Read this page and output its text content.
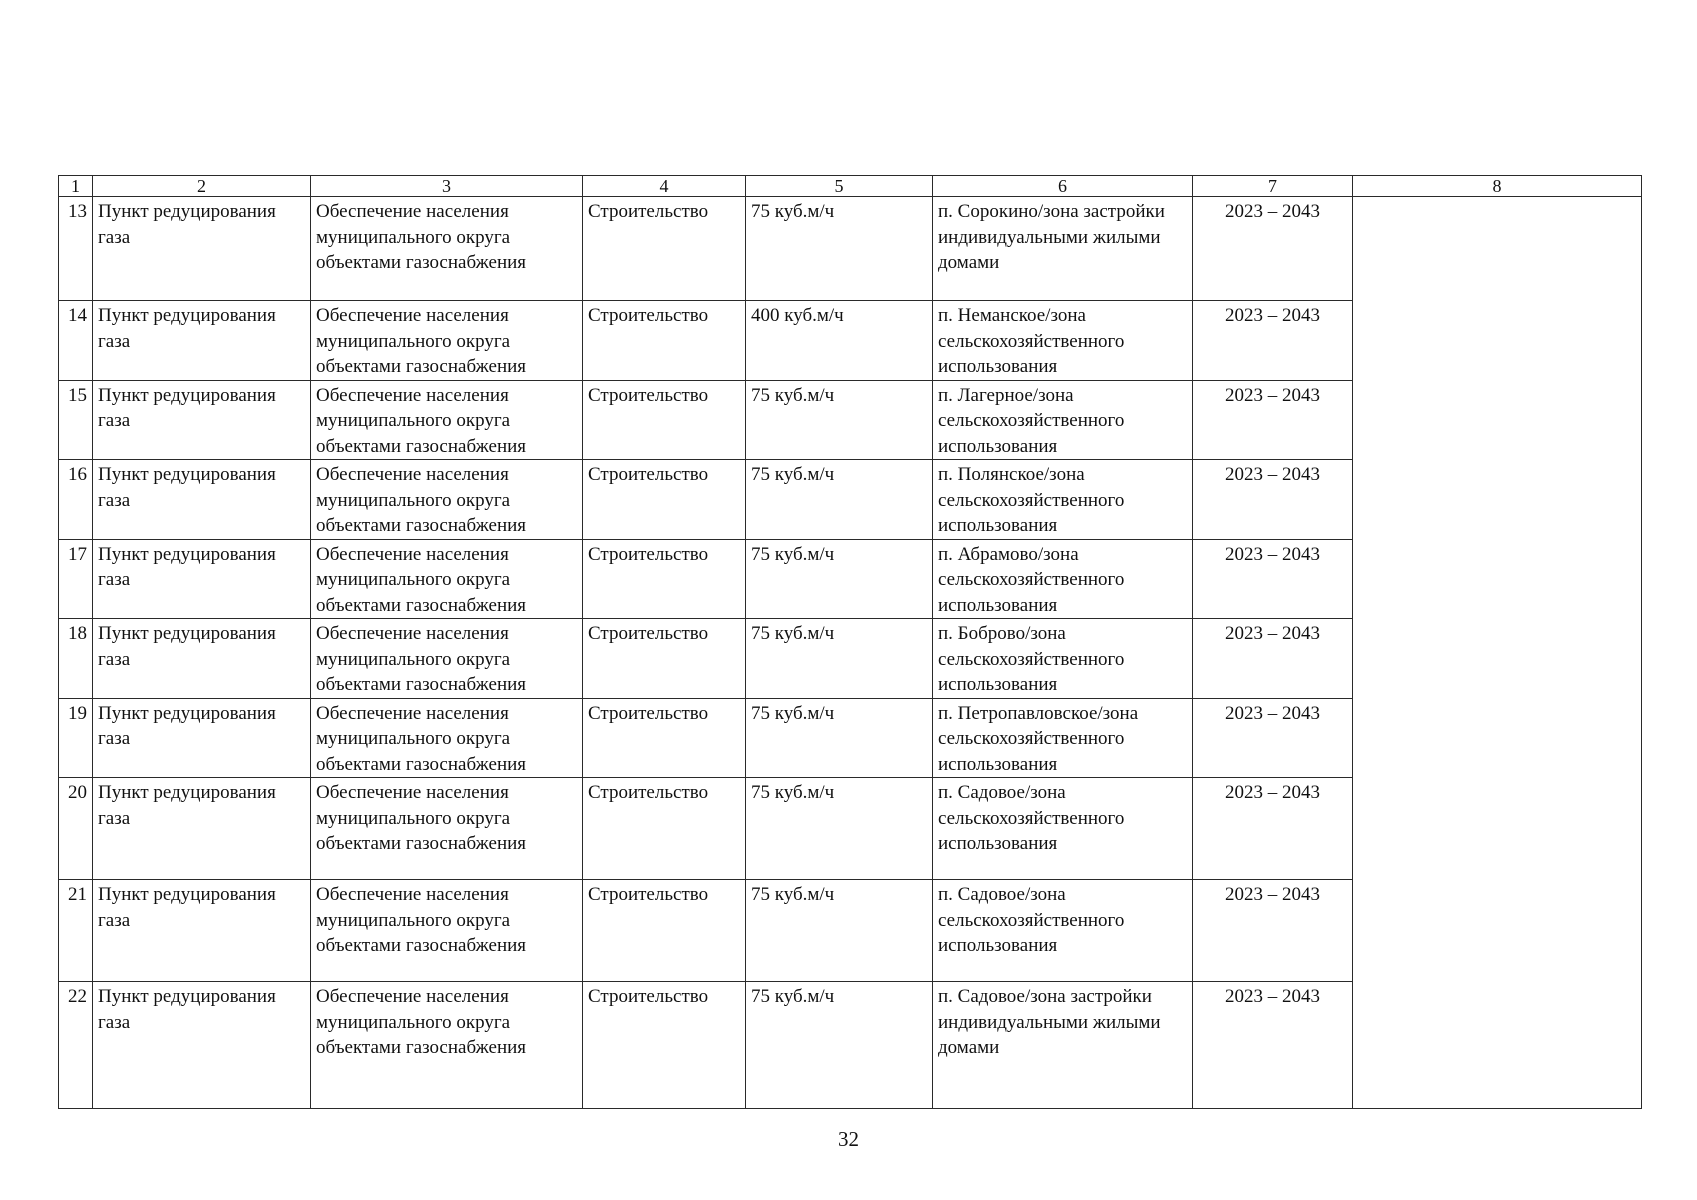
1	2	3	4	5	6	7	8
13	Пункт редуцирования газа	Обеспечение населения муниципального округа объектами газоснабжения	Строительство	75 куб.м/ч	п. Сорокино/зона застройки индивидуальными жилыми домами	2023 – 2043	
14	Пункт редуцирования газа	Обеспечение населения муниципального округа объектами газоснабжения	Строительство	400 куб.м/ч	п. Неманское/зона сельскохозяйственного использования	2023 – 2043	
15	Пункт редуцирования газа	Обеспечение населения муниципального округа объектами газоснабжения	Строительство	75 куб.м/ч	п. Лагерное/зона сельскохозяйственного использования	2023 – 2043	
16	Пункт редуцирования газа	Обеспечение населения муниципального округа объектами газоснабжения	Строительство	75 куб.м/ч	п. Полянское/зона сельскохозяйственного использования	2023 – 2043	
17	Пункт редуцирования газа	Обеспечение населения муниципального округа объектами газоснабжения	Строительство	75 куб.м/ч	п. Абрамово/зона сельскохозяйственного использования	2023 – 2043	
18	Пункт редуцирования газа	Обеспечение населения муниципального округа объектами газоснабжения	Строительство	75 куб.м/ч	п. Боброво/зона сельскохозяйственного использования	2023 – 2043	
19	Пункт редуцирования газа	Обеспечение населения муниципального округа объектами газоснабжения	Строительство	75 куб.м/ч	п. Петропавловское/зона сельскохозяйственного использования	2023 – 2043	
20	Пункт редуцирования газа	Обеспечение населения муниципального округа объектами газоснабжения	Строительство	75 куб.м/ч	п. Садовое/зона сельскохозяйственного использования	2023 – 2043	
21	Пункт редуцирования газа	Обеспечение населения муниципального округа объектами газоснабжения	Строительство	75 куб.м/ч	п. Садовое/зона сельскохозяйственного использования	2023 – 2043	
22	Пункт редуцирования газа	Обеспечение населения муниципального округа объектами газоснабжения	Строительство	75 куб.м/ч	п. Садовое/зона застройки индивидуальными жилыми домами	2023 – 2043	
32
